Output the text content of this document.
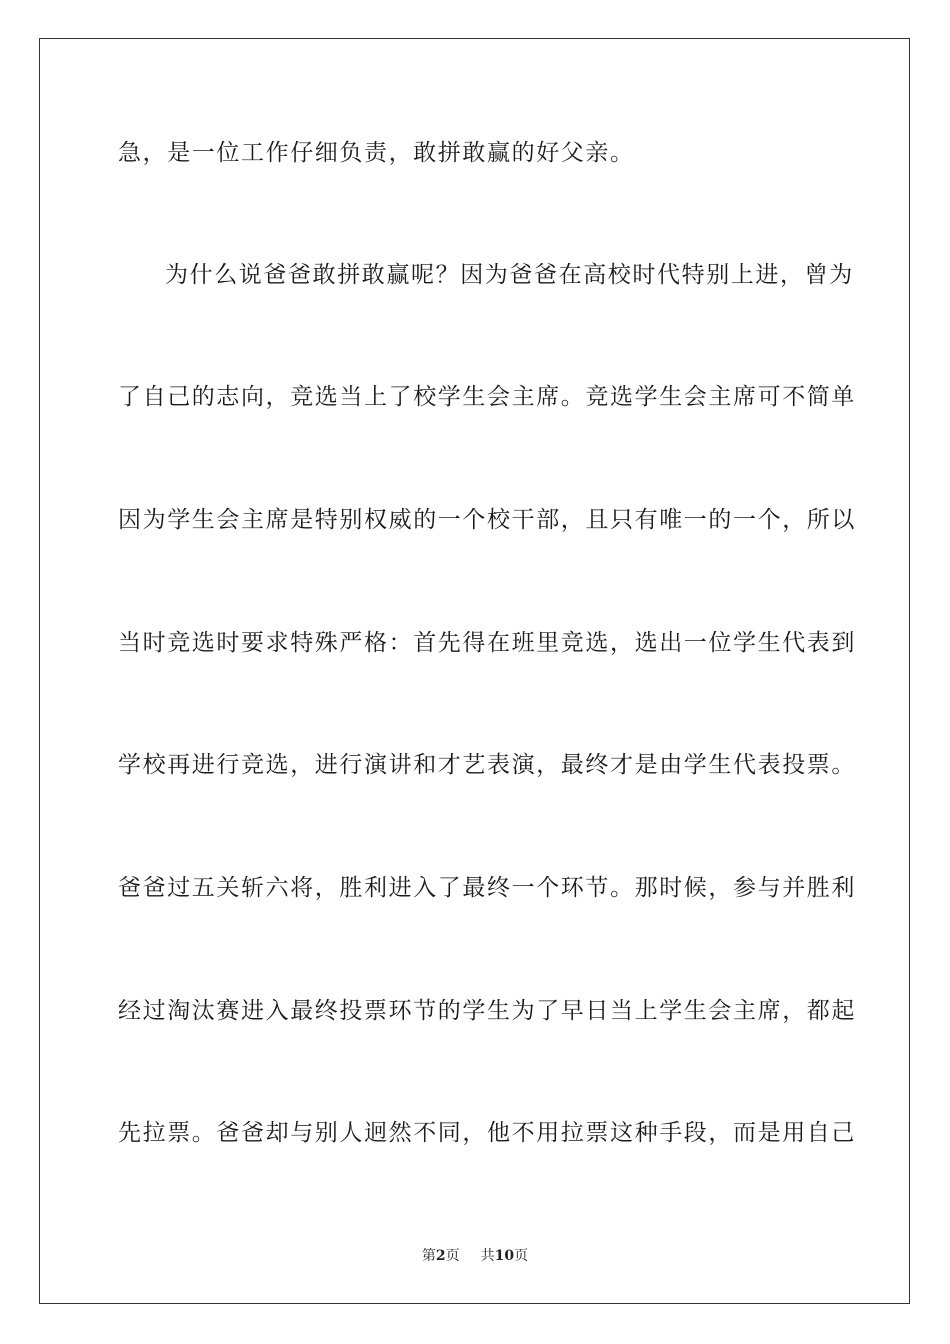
急，是一位工作仔细负责，敢拼敢赢的好父亲。
为什么说爸爸敢拼敢赢呢？因为爸爸在高校时代特别上进，曾为
了自己的志向，竞选当上了校学生会主席。竞选学生会主席可不简单
因为学生会主席是特别权威的一个校干部，且只有唯一的一个，所以
当时竞选时要求特殊严格：首先得在班里竞选，选出一位学生代表到
学校再进行竞选，进行演讲和才艺表演，最终才是由学生代表投票。
爸爸过五关斩六将，胜利进入了最终一个环节。那时候，参与并胜利
经过淘汰赛进入最终投票环节的学生为了早日当上学生会主席，都起
先拉票。爸爸却与别人迥然不同，他不用拉票这种手段，而是用自己
第2页 共10页
